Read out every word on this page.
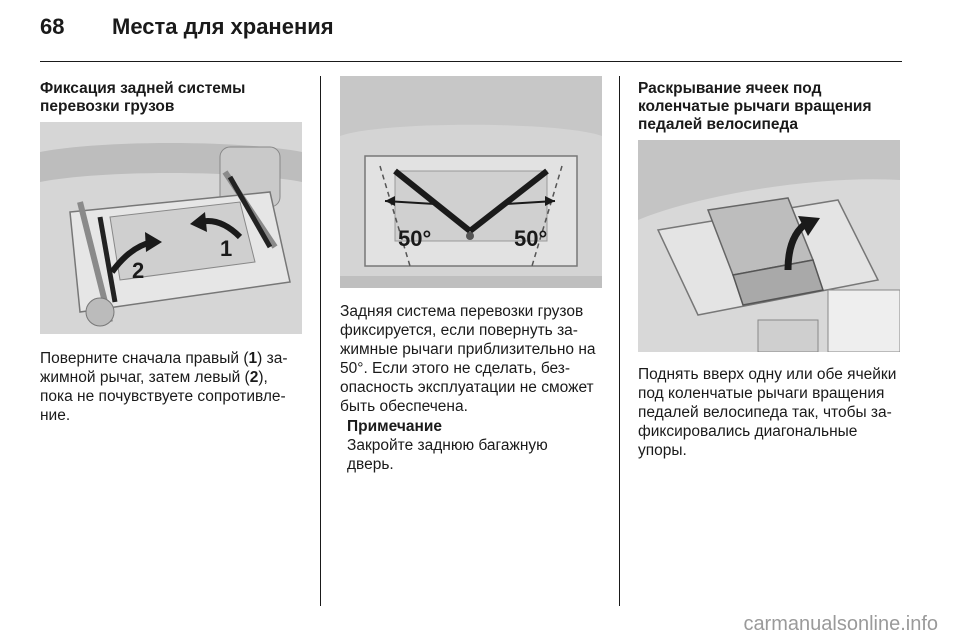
68 Места для хранения

Фиксация задней системы
перевозки грузов

2
1

Поверните сначала правый (1) за-
жимной рычаг, затем левый (2),
пока не почувствуете сопротивле-
ние.

50°	50°

Задняя система перевозки грузов
фиксируется, если повернуть за-
жимные рычаги приблизительно на
50°. Если этого не сделать, без-
опасность эксплуатации не сможет
быть обеспечена.

Примечание
Закройте заднюю багажную
дверь.

Раскрывание ячеек под
коленчатые рычаги вращения
педалей велосипеда

Поднять вверх одну или обе ячейки
под коленчатые рычаги вращения
педалей велосипеда так, чтобы за-
фиксировались диагональные
упоры.

carmanualsonline.info
